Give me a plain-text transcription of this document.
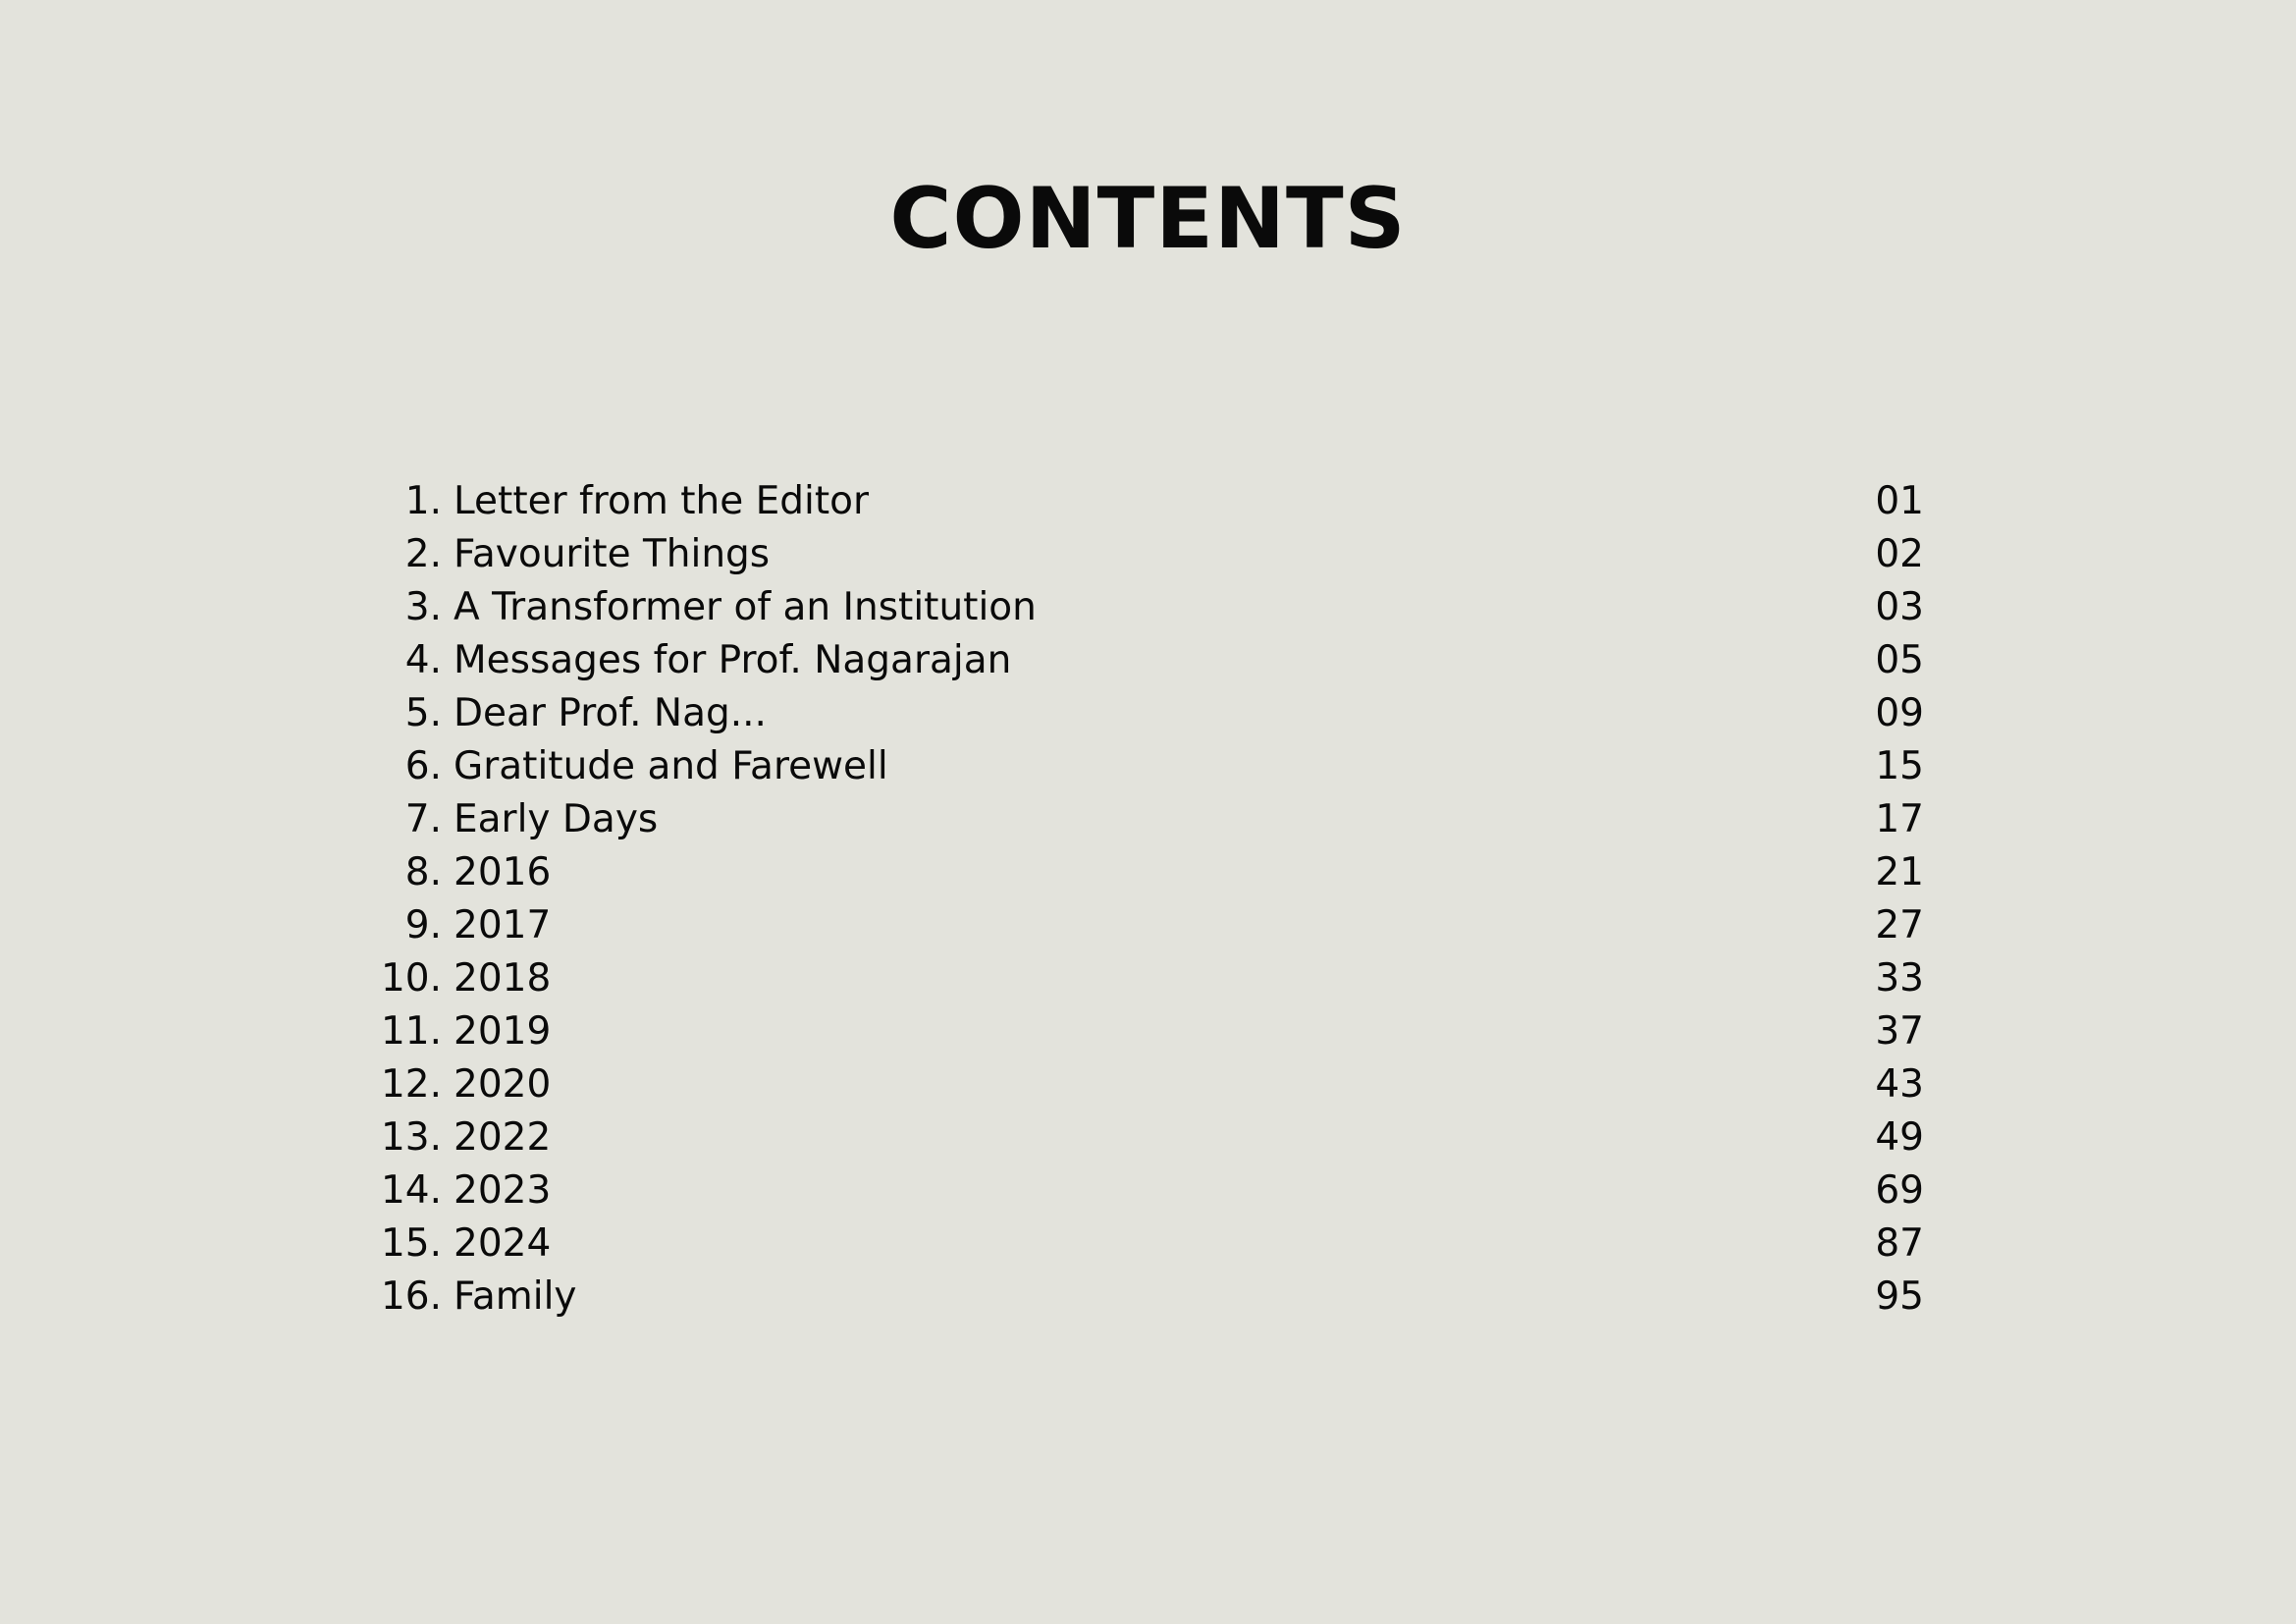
CONTENTS
1. Letter from the Editor	01
2. Favourite Things	02
3. A Transformer of an Institution	03
4. Messages for Prof. Nagarajan	05
5. Dear Prof. Nag...	09
6. Gratitude and Farewell	15
7. Early Days	17
8. 2016	21
9. 2017	27
10. 2018	33
11. 2019	37
12. 2020	43
13. 2022	49
14. 2023	69
15. 2024	87
16. Family	95
